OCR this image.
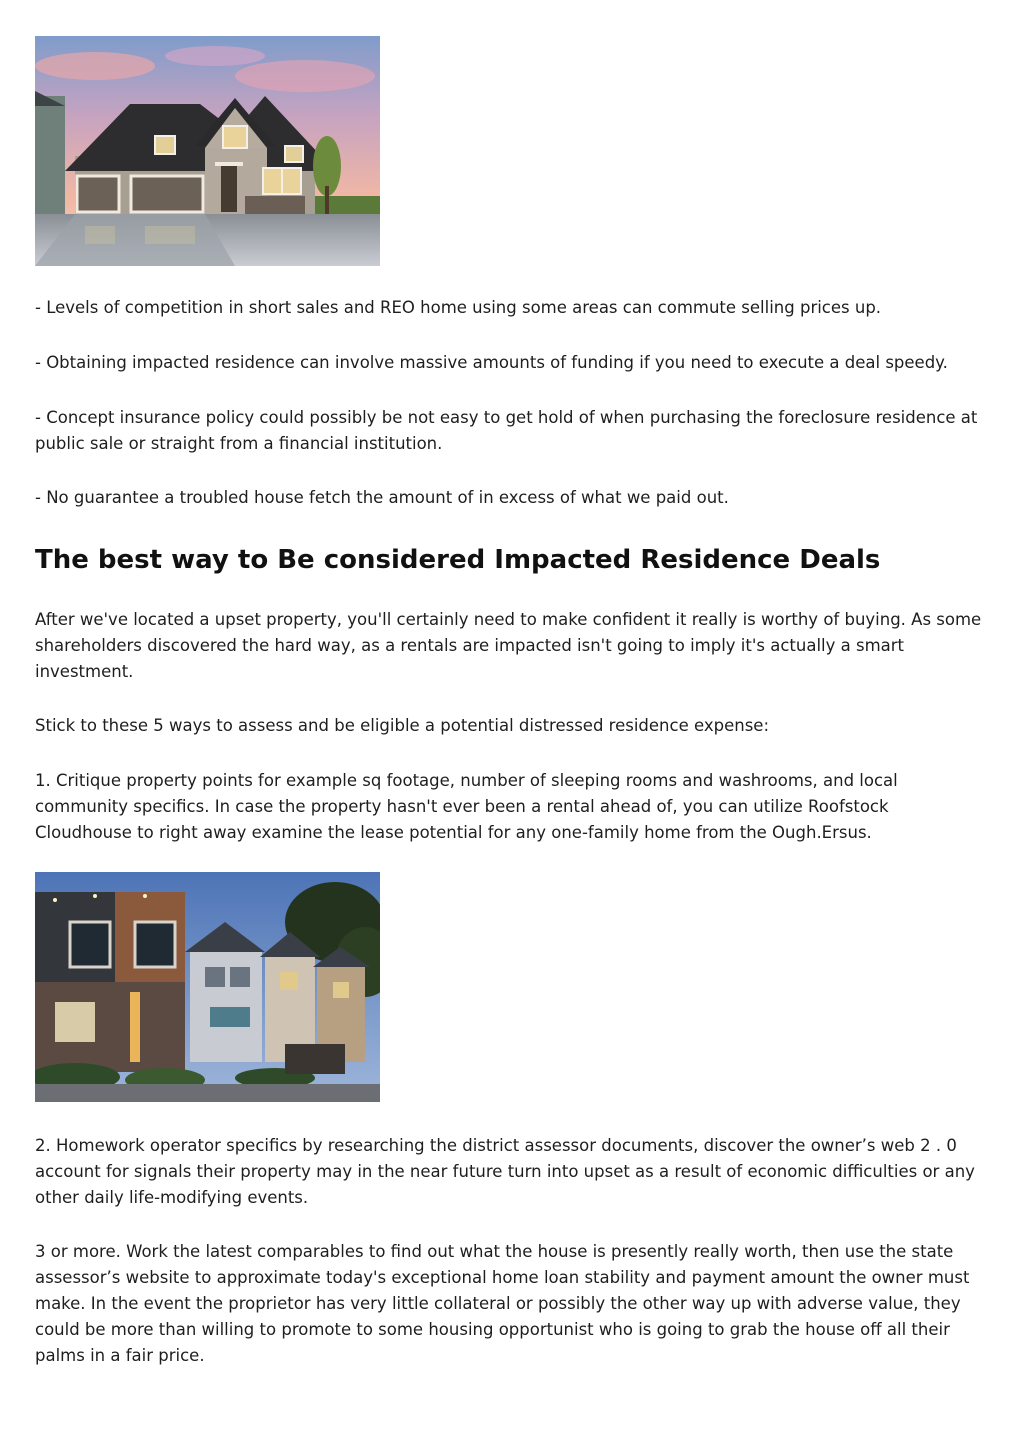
- Levels of competition in short sales and REO home using some areas can commute selling prices up.

- Obtaining impacted residence can involve massive amounts of funding if you need to execute a deal speedy.

- Concept insurance policy could possibly be not easy to get hold of when purchasing the foreclosure residence at public sale or straight from a financial institution.

- No guarantee a troubled house fetch the amount of in excess of what we paid out.

The best way to Be considered Impacted Residence Deals

After we've located a upset property, you'll certainly need to make confident it really is worthy of buying. As some shareholders discovered the hard way, as a rentals are impacted isn't going to imply it's actually a smart investment.

Stick to these 5 ways to assess and be eligible a potential distressed residence expense:

1. Critique property points for example sq footage, number of sleeping rooms and washrooms, and local community specifics. In case the property hasn't ever been a rental ahead of, you can utilize Roofstock Cloudhouse to right away examine the lease potential for any one-family home from the Ough.Ersus.

2. Homework operator specifics by researching the district assessor documents, discover the owner’s web 2 . 0 account for signals their property may in the near future turn into upset as a result of economic difficulties or any other daily life-modifying events.

3 or more. Work the latest comparables to find out what the house is presently really worth, then use the state assessor’s website to approximate today's exceptional home loan stability and payment amount the owner must make. In the event the proprietor has very little collateral or possibly the other way up with adverse value, they could be more than willing to promote to some housing opportunist who is going to grab the house off all their palms in a fair price.
